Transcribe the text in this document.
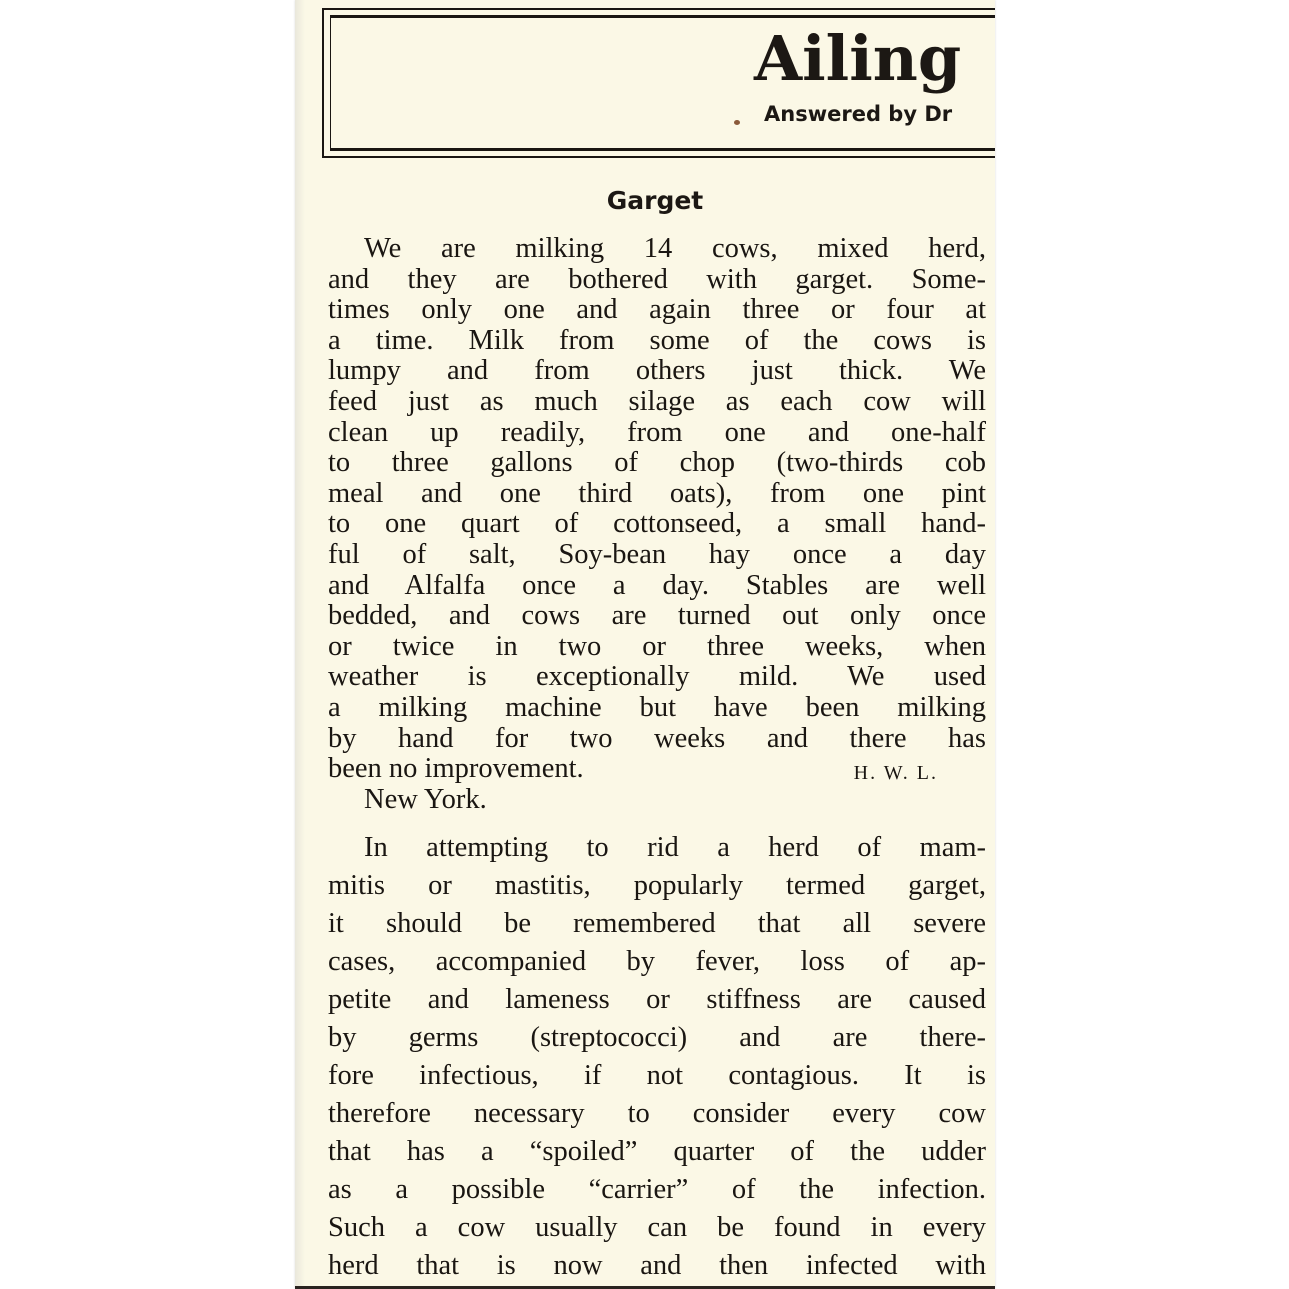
Ailing
Answered by Dr
Garget
We are milking 14 cows, mixed herd,
and they are bothered with garget. Some-
times only one and again three or four at
a time. Milk from some of the cows is
lumpy and from others just thick. We
feed just as much silage as each cow will
clean up readily, from one and one-half
to three gallons of chop (two-thirds cob
meal and one third oats), from one pint
to one quart of cottonseed, a small hand-
ful of salt, Soy-bean hay once a day
and Alfalfa once a day. Stables are well
bedded, and cows are turned out only once
or twice in two or three weeks, when
weather is exceptionally mild. We used
a milking machine but have been milking
by hand for two weeks and there has
been no improvement.	H. W. L.
New York.
In attempting to rid a herd of mam-
mitis or mastitis, popularly termed garget,
it should be remembered that all severe
cases, accompanied by fever, loss of ap-
petite and lameness or stiffness are caused
by germs (streptococci) and are there-
fore infectious, if not contagious. It is
therefore necessary to consider every cow
that has a “spoiled” quarter of the udder
as a possible “carrier” of the infection.
Such a cow usually can be found in every
herd that is now and then infected with
